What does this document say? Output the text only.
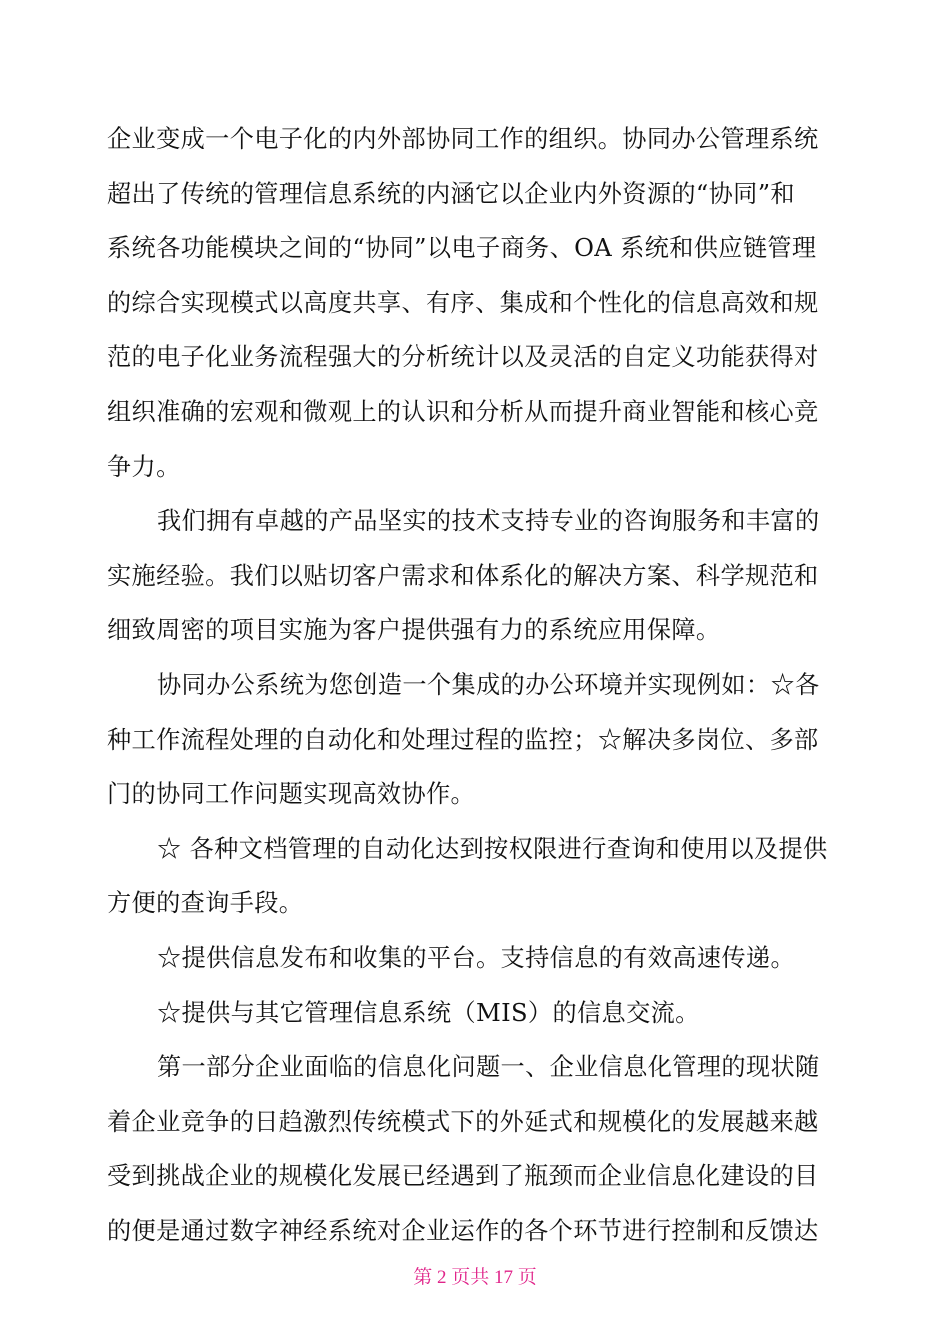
企业变成一个电子化的内外部协同工作的组织。协同办公管理系统
超出了传统的管理信息系统的内涵它以企业内外资源的“协同”和
系统各功能模块之间的“协同”以电子商务、OA 系统和供应链管理
的综合实现模式以高度共享、有序、集成和个性化的信息高效和规
范的电子化业务流程强大的分析统计以及灵活的自定义功能获得对
组织准确的宏观和微观上的认识和分析从而提升商业智能和核心竞
争力。

我们拥有卓越的产品坚实的技术支持专业的咨询服务和丰富的
实施经验。我们以贴切客户需求和体系化的解决方案、科学规范和
细致周密的项目实施为客户提供强有力的系统应用保障。

协同办公系统为您创造一个集成的办公环境并实现例如：☆各
种工作流程处理的自动化和处理过程的监控；☆解决多岗位、多部
门的协同工作问题实现高效协作。

☆ 各种文档管理的自动化达到按权限进行查询和使用以及提供
方便的查询手段。

☆提供信息发布和收集的平台。支持信息的有效高速传递。

☆提供与其它管理信息系统（MIS）的信息交流。

第一部分企业面临的信息化问题一、企业信息化管理的现状随
着企业竞争的日趋激烈传统模式下的外延式和规模化的发展越来越
受到挑战企业的规模化发展已经遇到了瓶颈而企业信息化建设的目
的便是通过数字神经系统对企业运作的各个环节进行控制和反馈达

第 2 页共 17 页
